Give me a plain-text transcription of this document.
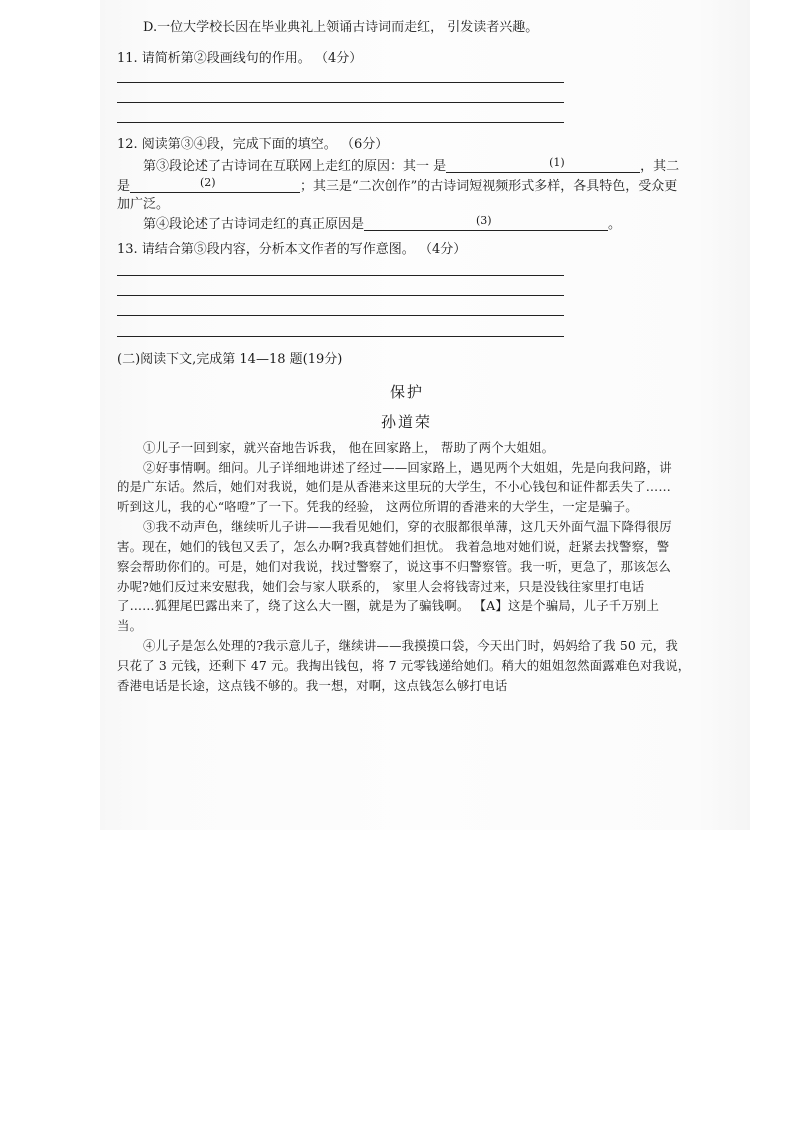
D.一位大学校长因在毕业典礼上领诵古诗词而走红， 引发读者兴趣。
11. 请简析第②段画线句的作用。 （4分）
12. 阅读第③④段，完成下面的填空。 （6分）
第③段论述了古诗词在互联网上走红的原因：其一 是	(1)	，其二
是	(2)	；其三是“二次创作”的古诗词短视频形式多样，各具特色，受众更
加广泛。
第④段论述了古诗词走红的真正原因是	(3)	。
13. 请结合第⑤段内容，分析本文作者的写作意图。 （4分）
(二)阅读下文,完成第 14—18 题(19分)
保护
孙道荣
①儿子一回到家，就兴奋地告诉我， 他在回家路上， 帮助了两个大姐姐。
②好事情啊。细问。儿子详细地讲述了经过——回家路上，遇见两个大姐姐，先是向我问路，讲
的是广东话。然后，她们对我说，她们是从香港来这里玩的大学生，不小心钱包和证件都丢失了……
听到这儿，我的心“咯噔”了一下。凭我的经验， 这两位所谓的香港来的大学生，一定是骗子。
③我不动声色，继续听儿子讲——我看见她们，穿的衣服都很单薄，这几天外面气温下降得很厉
害。现在，她们的钱包又丢了，怎么办啊?我真替她们担忧。 我着急地对她们说，赶紧去找警察，警
察会帮助你们的。可是，她们对我说，找过警察了，说这事不归警察管。我一听，更急了，那该怎么
办呢?她们反过来安慰我，她们会与家人联系的， 家里人会将钱寄过来，只是没钱往家里打电话
了……狐狸尾巴露出来了，绕了这么大一圈，就是为了骗钱啊。 【A】这是个骗局，儿子千万别上
当。
④儿子是怎么处理的?我示意儿子，继续讲——我摸摸口袋，今天出门时，妈妈给了我 50 元，我
只花了 3 元钱，还剩下 47 元。我掏出钱包，将 7 元零钱递给她们。稍大的姐姐忽然面露难色对我说，
香港电话是长途，这点钱不够的。我一想，对啊，这点钱怎么够打电话
